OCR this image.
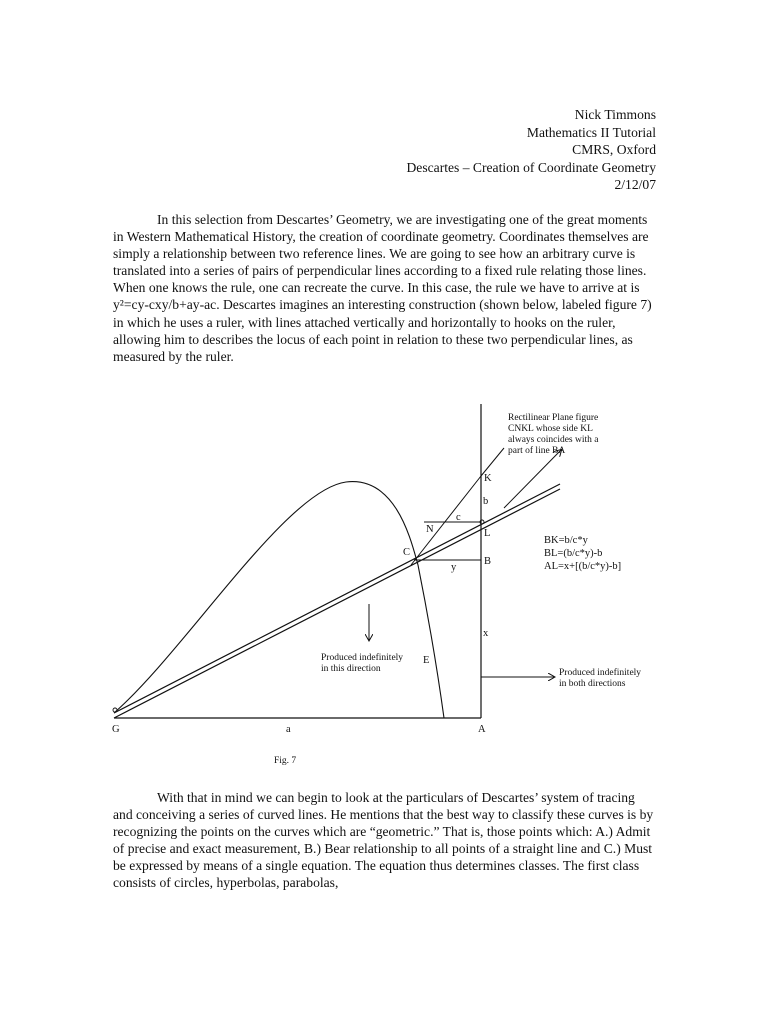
Nick Timmons
Mathematics II Tutorial
CMRS, Oxford
Descartes – Creation of Coordinate Geometry
2/12/07

In this selection from Descartes’ Geometry, we are investigating one of the great moments in Western Mathematical History, the creation of coordinate geometry. Coordinates themselves are simply a relationship between two reference lines. We are going to see how an arbitrary curve is translated into a series of pairs of perpendicular lines according to a fixed rule relating those lines. When one knows the rule, one can recreate the curve. In this case, the rule we have to arrive at is y²=cy-cxy/b+ay-ac. Descartes imagines an interesting construction (shown below, labeled figure 7) in which he uses a ruler, with lines attached vertically and horizontally to hooks on the ruler, allowing him to describes the locus of each point in relation to these two perpendicular lines, as measured by the ruler.

G	A
K
L
B
C
N
E
a
b
c
x
y
Rectilinear Plane figure CNKL whose side KL always coincides with a part of line BA
BK=b/c*y BL=(b/c*y)-b AL=x+[(b/c*y)-b]
Produced indefinitely in this direction	Produced indefinitely in both directions
Fig. 7

With that in mind we can begin to look at the particulars of Descartes’ system of tracing and conceiving a series of curved lines. He mentions that the best way to classify these curves is by recognizing the points on the curves which are “geometric.” That is, those points which: A.) Admit of precise and exact measurement, B.) Bear relationship to all points of a straight line and C.) Must be expressed by means of a single equation. The equation thus determines classes. The first class consists of circles, hyperbolas, parabolas,
